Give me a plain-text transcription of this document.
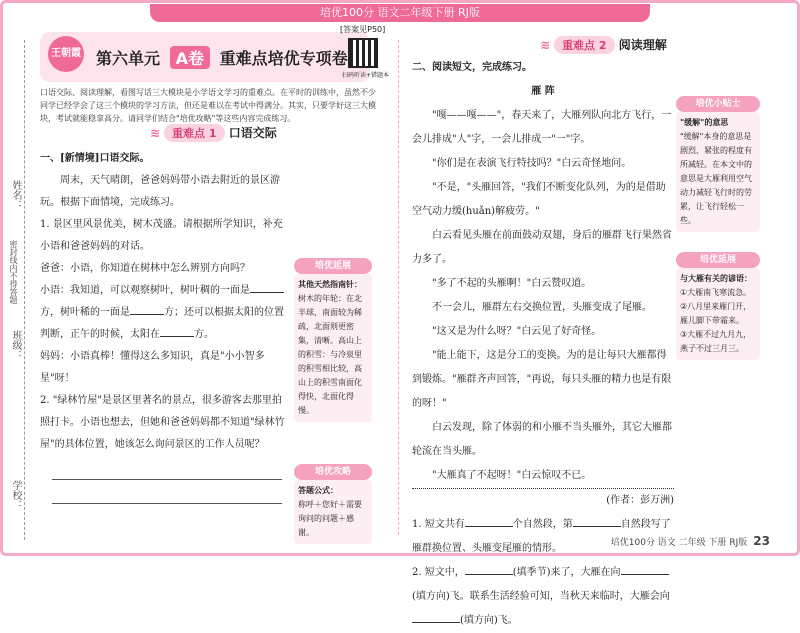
培优100分 语文二年级下册 RJ版
姓名：
密封线内不得答题
班级：
学校：
王朝霞 第六单元 A卷 重难点培优专项卷
[答案见P50]
扫码听读+错题本
口语交际、阅读理解，看图写话三大模块是小学语文学习的重难点。在平时的训练中，虽然不少同学已经学会了这三个模块的学习方法，但还是难以在考试中得满分。其实，只要学好这三大模块，考试就能稳拿高分。请同学们结合"培优攻略"等这些内容完成练习。
≋ 重难点 1 口语交际

一、[新情境]口语交际。

周末，天气晴朗，爸爸妈妈带小语去附近的景区游玩。根据下面情境，完成练习。

1. 景区里风景优美，树木茂盛。请根据所学知识，补充小语和爸爸妈妈的对话。

爸爸：小语，你知道在树林中怎么辨别方向吗？

小语：我知道，可以观察树叶，树叶稠的一面是方，树叶稀的一面是	方；还可以根据太阳的位置判断，正午的时候，太阳在	方。

妈妈：小语真棒！懂得这么多知识，真是"小小智多星"呀！

2. "绿林竹屋"是景区里著名的景点，很多游客去那里拍照打卡。小语也想去，但她和爸爸妈妈都不知道"绿林竹屋"的具体位置，她该怎么询问景区的工作人员呢？

培优延展
其他天然指南针：
树木的年轮：在北半球，南面较为稀疏，北面则更密集，清晰。高山上的积雪：与冷泉里的积雪相比较，高山上的积雪南面化得快，北面化得慢。
培优攻略
答题公式：
称呼＋您好＋需要询问的问题＋感谢。
≋ 重难点 2 阅读理解
二、阅读短文，完成练习。
雁 阵

"嘎——嘎——"，春天来了，大雁列队向北方飞行，一会儿排成"人"字，一会儿排成一"一"字。

"你们是在表演飞行特技吗？"白云奇怪地问。

"不是，"头雁回答，"我们不断变化队列，为的是借助空气动力缓(huǎn)解疲劳。"

白云看见头雁在前面鼓动双翅，身后的雁群飞行果然省力多了。

"多了不起的头雁啊！"白云赞叹道。

不一会儿，雁群左右交换位置，头雁变成了尾雁。

"这又是为什么呀？"白云见了好奇怪。

"能上能下，这是分工的变换。为的是让每只大雁都得到锻炼。"雁群齐声回答，"再说，每只头雁的精力也是有限的呀！"

白云发现，除了体弱的和小雁不当头雁外，其它大雁都轮流在当头雁。

"大雁真了不起呀！"白云惊叹不已。

(作者：彭万洲)
1. 短文共有	个自然段，第	自然段写了雁群换位置、头雁变尾雁的情形。
2. 短文中，	(填季节)来了，大雁在向(填方向)飞。联系生活经验可知，当秋天来临时，大雁会向(填方向)飞。
培优小贴士
"缓解"的意思
"缓解"本身的意思是剧烈、紧张的程度有所减轻。在本文中的意思是大雁利用空气动力减轻飞行时的劳累，让飞行轻松一些。
培优延展
与大雁有关的谚语：
①大雁南飞寒流急。
②八月里来雁门开，雁儿脚下带霜来。
③大雁不过九月九，燕子不过三月三。
培优100分 语文 二年级 下册 RJ版 23
